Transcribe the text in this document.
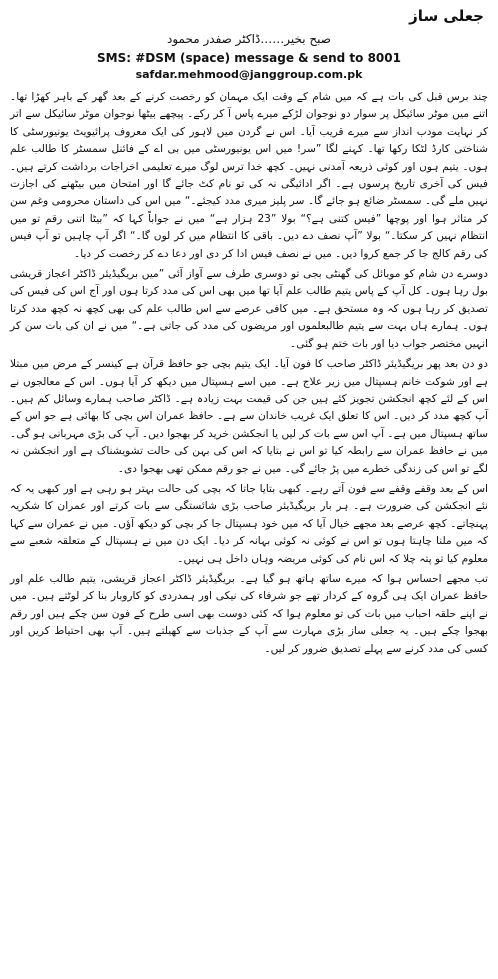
جعلی ساز
صبح بخیر……ڈاکٹر صفدر محمود
SMS: #DSM (space) message & send to 8001
safdar.mehmood@janggroup.com.pk

چند برس قبل کی بات ہے کہ میں شام کے وقت ایک مہمان کو رخصت کرنے کے بعد گھر کے باہر کھڑا تھا۔ اتنے میں موٹر سائیکل پر سوار دو نوجوان لڑکے میرے پاس آ کر رکے۔ پیچھے بیٹھا نوجوان موٹر سائیکل سے اتر کر نہایت مودب انداز سے میرے قریب آیا۔ اس نے گردن میں لاہور کی ایک معروف پرائیویٹ یونیورسٹی کا شناختی کارڈ لٹکا رکھا تھا۔ کہنے لگا ”سر! میں اس یونیورسٹی میں بی اے کے فائنل سمسٹر کا طالب علم ہوں۔ یتیم ہوں اور کوئی ذریعہ آمدنی نہیں۔ کچھ خدا ترس لوگ میرے تعلیمی اخراجات برداشت کرتے ہیں۔ فیس کی آخری تاریخ پرسوں ہے۔ اگر ادائیگی نہ کی تو نام کٹ جائے گا اور امتحان میں بیٹھنے کی اجازت نہیں ملے گی۔ سمسٹر ضائع ہو جائے گا۔ سر پلیز میری مدد کیجئے۔“ میں اس کی داستان محرومی وغم سن کر متاثر ہوا اور پوچھا ”فیس کتنی ہے؟“ بولا ”23 ہزار ہے“ میں نے جواباً کہا کہ ”بیٹا اتنی رقم تو میں انتظام نہیں کر سکتا۔“ بولا ”آپ نصف دے دیں۔ باقی کا انتظام میں کر لوں گا۔“ اگر آپ چاہیں تو آپ فیس کی رقم کالج جا کر جمع کروا دیں۔ میں نے نصف فیس ادا کر دی اور دعا دے کر رخصت کر دیا۔

دوسرے دن شام کو موبائل کی گھنٹی بجی تو دوسری طرف سے آواز آئی ”میں بریگیڈیئر ڈاکٹر اعجاز قریشی بول رہا ہوں۔ کل آپ کے پاس یتیم طالب علم آیا تھا میں بھی اس کی مدد کرتا ہوں اور آج اس کی فیس کی تصدیق کر رہا ہوں کہ وہ مستحق ہے۔ میں کافی عرصے سے اس طالب علم کی بھی کچھ نہ کچھ مدد کرتا ہوں۔ ہمارے ہاں بہت سے یتیم طالبعلموں اور مریضوں کی مدد کی جاتی ہے۔“ میں نے ان کی بات سن کر انہیں مختصر جواب دیا اور بات ختم ہو گئی۔

دو دن بعد پھر بریگیڈیئر ڈاکٹر صاحب کا فون آیا۔ ایک یتیم بچی جو حافظ قرآن ہے کینسر کے مرض میں مبتلا ہے اور شوکت خانم ہسپتال میں زیر علاج ہے۔ میں اسے ہسپتال میں دیکھ کر آیا ہوں۔ اس کے معالجوں نے اس کے لئے کچھ انجکشن تجویز کئے ہیں جن کی قیمت بہت زیادہ ہے۔ ڈاکٹر صاحب ہمارے وسائل کم ہیں۔ آپ کچھ مدد کر دیں۔ اس کا تعلق ایک غریب خاندان سے ہے۔ حافظ عمران اس بچی کا بھائی ہے جو اس کے ساتھ ہسپتال میں ہے۔ آپ اس سے بات کر لیں یا انجکشن خرید کر بھجوا دیں۔ آپ کی بڑی مہربانی ہو گی۔ میں نے حافظ عمران سے رابطہ کیا تو اس نے بتایا کہ اس کی بہن کی حالت تشویشناک ہے اور انجکشن نہ لگے تو اس کی زندگی خطرے میں پڑ جائے گی۔ میں نے جو رقم ممکن تھی بھجوا دی۔

اس کے بعد وقفے وقفے سے فون آتے رہے۔ کبھی بتایا جاتا کہ بچی کی حالت بہتر ہو رہی ہے اور کبھی یہ کہ نئے انجکشن کی ضرورت ہے۔ ہر بار بریگیڈیئر صاحب بڑی شائستگی سے بات کرتے اور عمران کا شکریہ پہنچاتے۔ کچھ عرصے بعد مجھے خیال آیا کہ میں خود ہسپتال جا کر بچی کو دیکھ آؤں۔ میں نے عمران سے کہا کہ میں ملنا چاہتا ہوں تو اس نے کوئی نہ کوئی بہانہ کر دیا۔ ایک دن میں نے ہسپتال کے متعلقہ شعبے سے معلوم کیا تو پتہ چلا کہ اس نام کی کوئی مریضہ وہاں داخل ہی نہیں۔

تب مجھے احساس ہوا کہ میرے ساتھ ہاتھ ہو گیا ہے۔ بریگیڈیئر ڈاکٹر اعجاز قریشی، یتیم طالب علم اور حافظ عمران ایک ہی گروہ کے کردار تھے جو شرفاء کی نیکی اور ہمدردی کو کاروبار بنا کر لوٹتے ہیں۔ میں نے اپنے حلقہ احباب میں بات کی تو معلوم ہوا کہ کئی دوست بھی اسی طرح کے فون سن چکے ہیں اور رقم بھجوا چکے ہیں۔ یہ جعلی ساز بڑی مہارت سے آپ کے جذبات سے کھیلتے ہیں۔ آپ بھی احتیاط کریں اور کسی کی مدد کرنے سے پہلے تصدیق ضرور کر لیں۔
